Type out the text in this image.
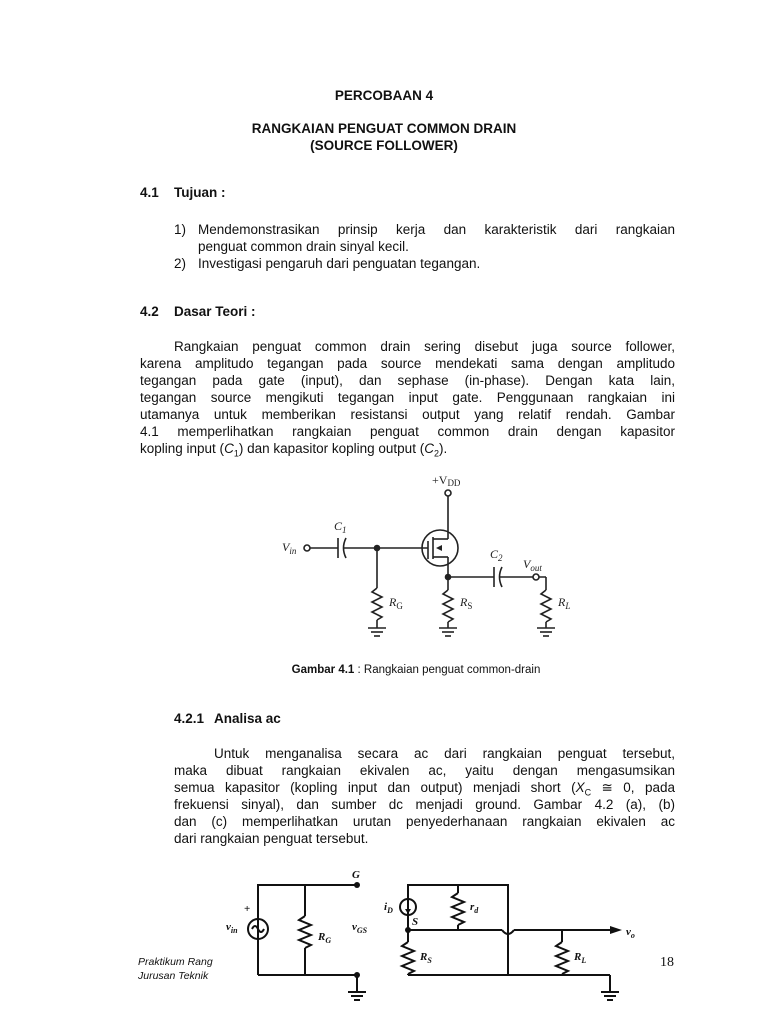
PERCOBAAN 4
RANGKAIAN PENGUAT COMMON DRAIN
(SOURCE FOLLOWER)
4.1 Tujuan :
1) Mendemonstrasikan prinsip kerja dan karakteristik dari rangkaian
penguat common drain sinyal kecil.
2) Investigasi pengaruh dari penguatan tegangan.
4.2 Dasar Teori :
Rangkaian penguat common drain sering disebut juga source follower,
karena amplitudo tegangan pada source mendekati sama dengan amplitudo
tegangan pada gate (input), dan sephase (in-phase). Dengan kata lain,
tegangan source mengikuti tegangan input gate. Penggunaan rangkaian ini
utamanya untuk memberikan resistansi output yang relatif rendah. Gambar
4.1 memperlihatkan rangkaian penguat common drain dengan kapasitor
kopling input $(C_1)$ dan kapasitor kopling output $(C_2)$.
+VDD
$V_{in}$
$C_1$
$C_2$ $V_{out}$
$R_G$	$R_S$	$R_L$
Gambar 4.1 : Rangkaian penguat common-drain
4.2.1 Analisa ac
Untuk menganalisa secara ac dari rangkaian penguat tersebut,
maka dibuat rangkaian ekivalen ac, yaitu dengan mengasumsikan
semua kapasitor (kopling input dan output) menjadi short ($X_C$ ≅ 0, pada
frekuensi sinyal), dan sumber dc menjadi ground. Gambar 4.2 (a), (b)
dan (c) memperlihatkan urutan penyederhanaan rangkaian ekivalen ac
dari rangkaian penguat tersebut.
G
+
$v_{in}$
$R_G$
$v_{GS}$
$i_D$
S
$r_d$
$R_S$	$R_L$
$v_o$
Praktikum Rang
Jurusan Teknik
18
